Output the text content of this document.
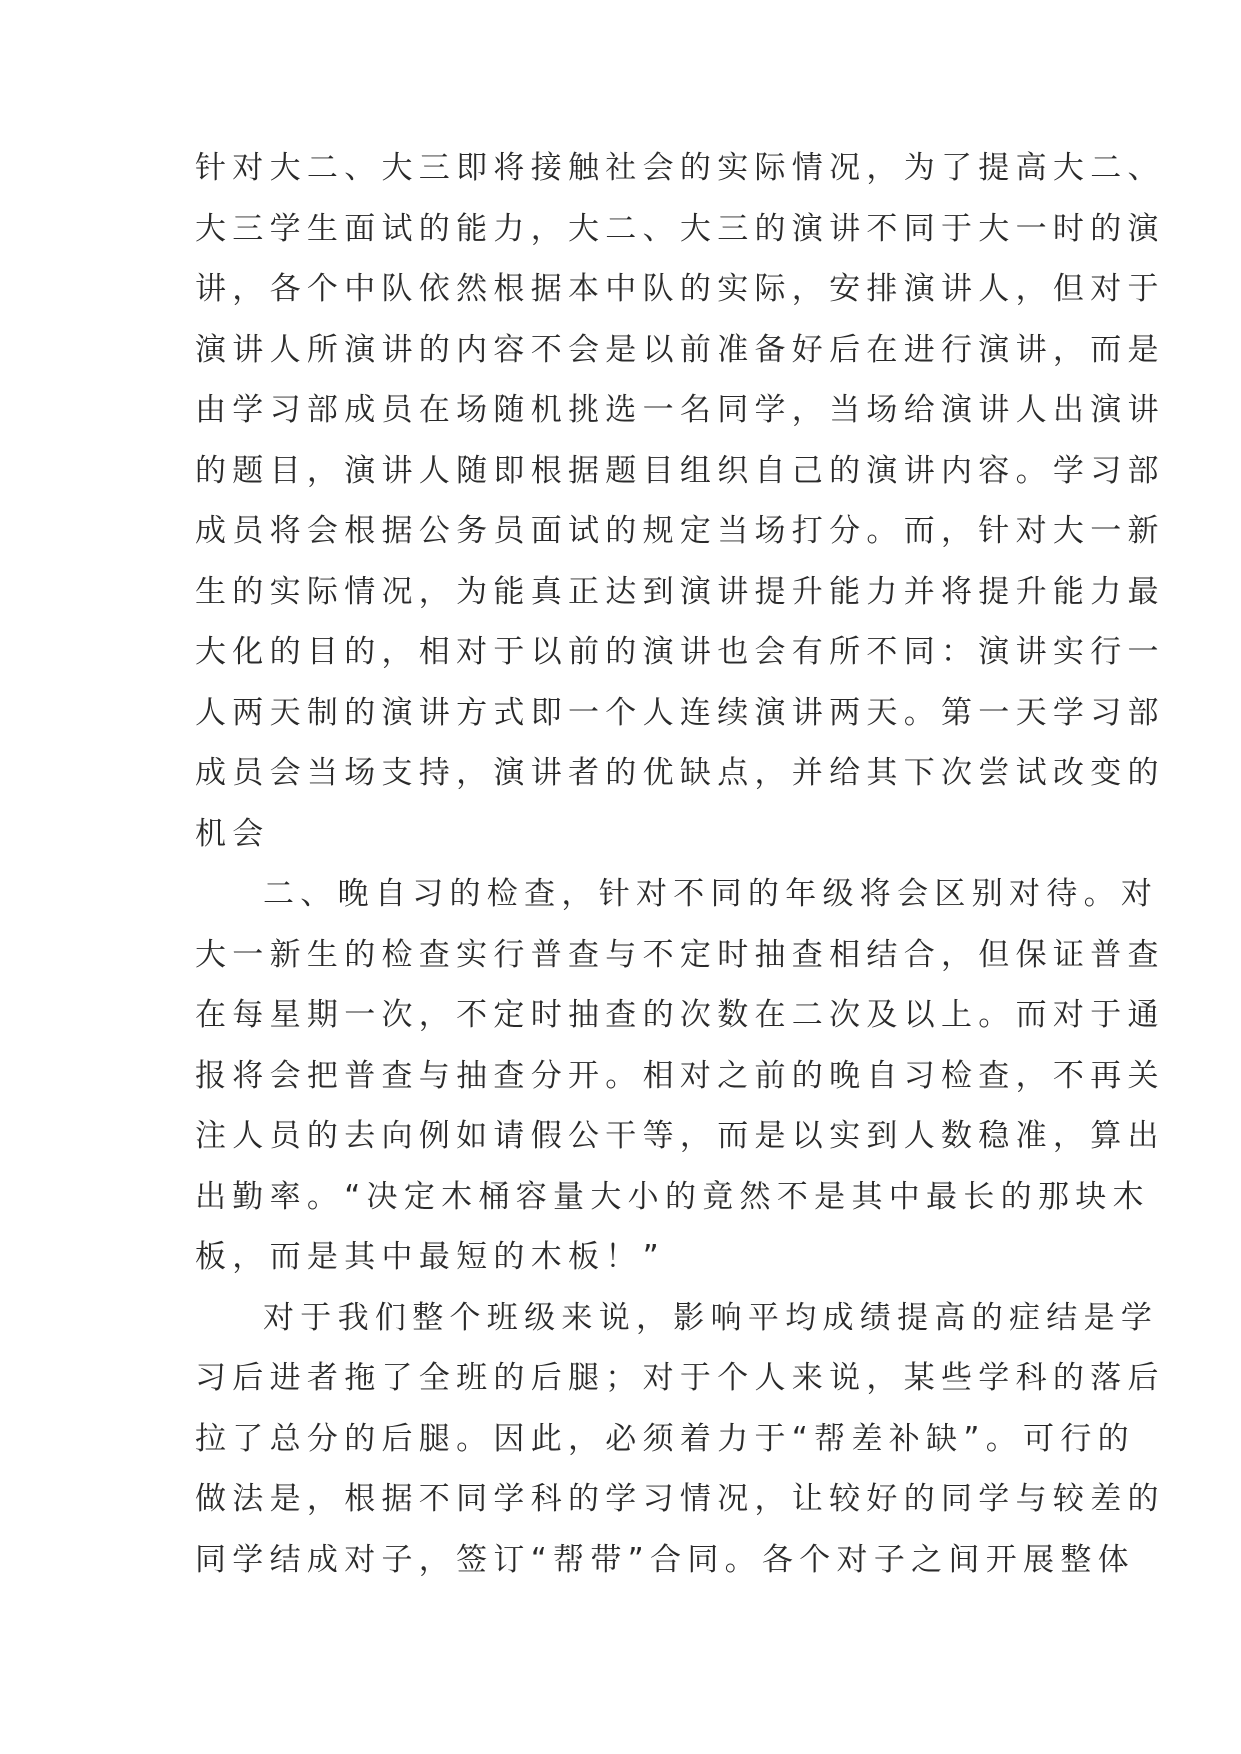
针对大二、大三即将接触社会的实际情况，为了提高大二、
大三学生面试的能力，大二、大三的演讲不同于大一时的演
讲，各个中队依然根据本中队的实际，安排演讲人，但对于
演讲人所演讲的内容不会是以前准备好后在进行演讲，而是
由学习部成员在场随机挑选一名同学，当场给演讲人出演讲
的题目，演讲人随即根据题目组织自己的演讲内容。学习部
成员将会根据公务员面试的规定当场打分。而，针对大一新
生的实际情况，为能真正达到演讲提升能力并将提升能力最
大化的目的，相对于以前的演讲也会有所不同：演讲实行一
人两天制的演讲方式即一个人连续演讲两天。第一天学习部
成员会当场支持，演讲者的优缺点，并给其下次尝试改变的
机会
二、晚自习的检查，针对不同的年级将会区别对待。对
大一新生的检查实行普查与不定时抽查相结合，但保证普查
在每星期一次，不定时抽查的次数在二次及以上。而对于通
报将会把普查与抽查分开。相对之前的晚自习检查，不再关
注人员的去向例如请假公干等，而是以实到人数稳准，算出
出勤率。“决定木桶容量大小的竟然不是其中最长的那块木
板，而是其中最短的木板！”
对于我们整个班级来说，影响平均成绩提高的症结是学
习后进者拖了全班的后腿；对于个人来说，某些学科的落后
拉了总分的后腿。因此，必须着力于“帮差补缺”。可行的
做法是，根据不同学科的学习情况，让较好的同学与较差的
同学结成对子，签订“帮带”合同。各个对子之间开展整体
